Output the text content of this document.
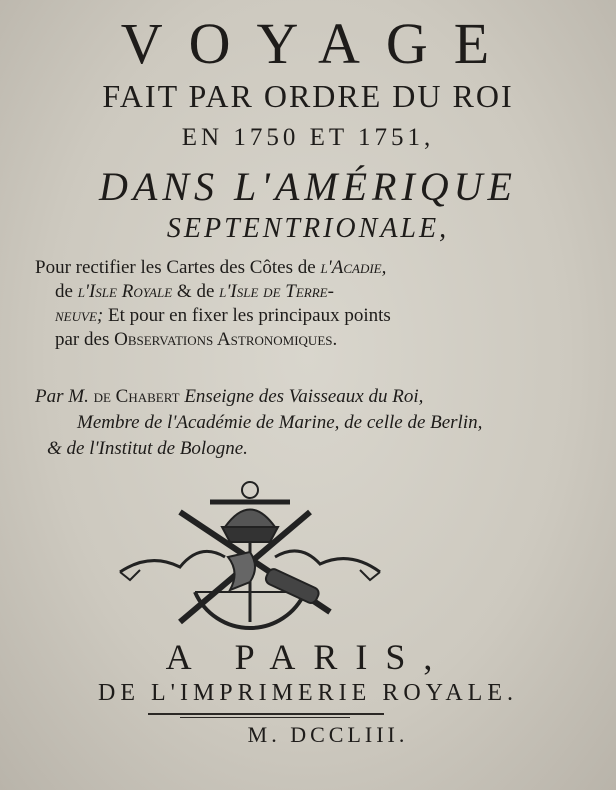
VOYAGE
FAIT PAR ORDRE DU ROI
EN 1750 ET 1751,
DANS L'AMÉRIQUE
SEPTENTRIONALE,

Pour rectifier les Cartes des Côtes de l'Acadie,

de l'Isle Royale & de l'Isle de Terre-

neuve; Et pour en fixer les principaux points

par des Observations Astronomiques.

Par M. de Chabert Enseigne des Vaisseaux du Roi,

Membre de l'Académie de Marine, de celle de Berlin,

& de l'Institut de Bologne.

A PARIS,
DE L'IMPRIMERIE ROYALE.
M. DCCLIII.
